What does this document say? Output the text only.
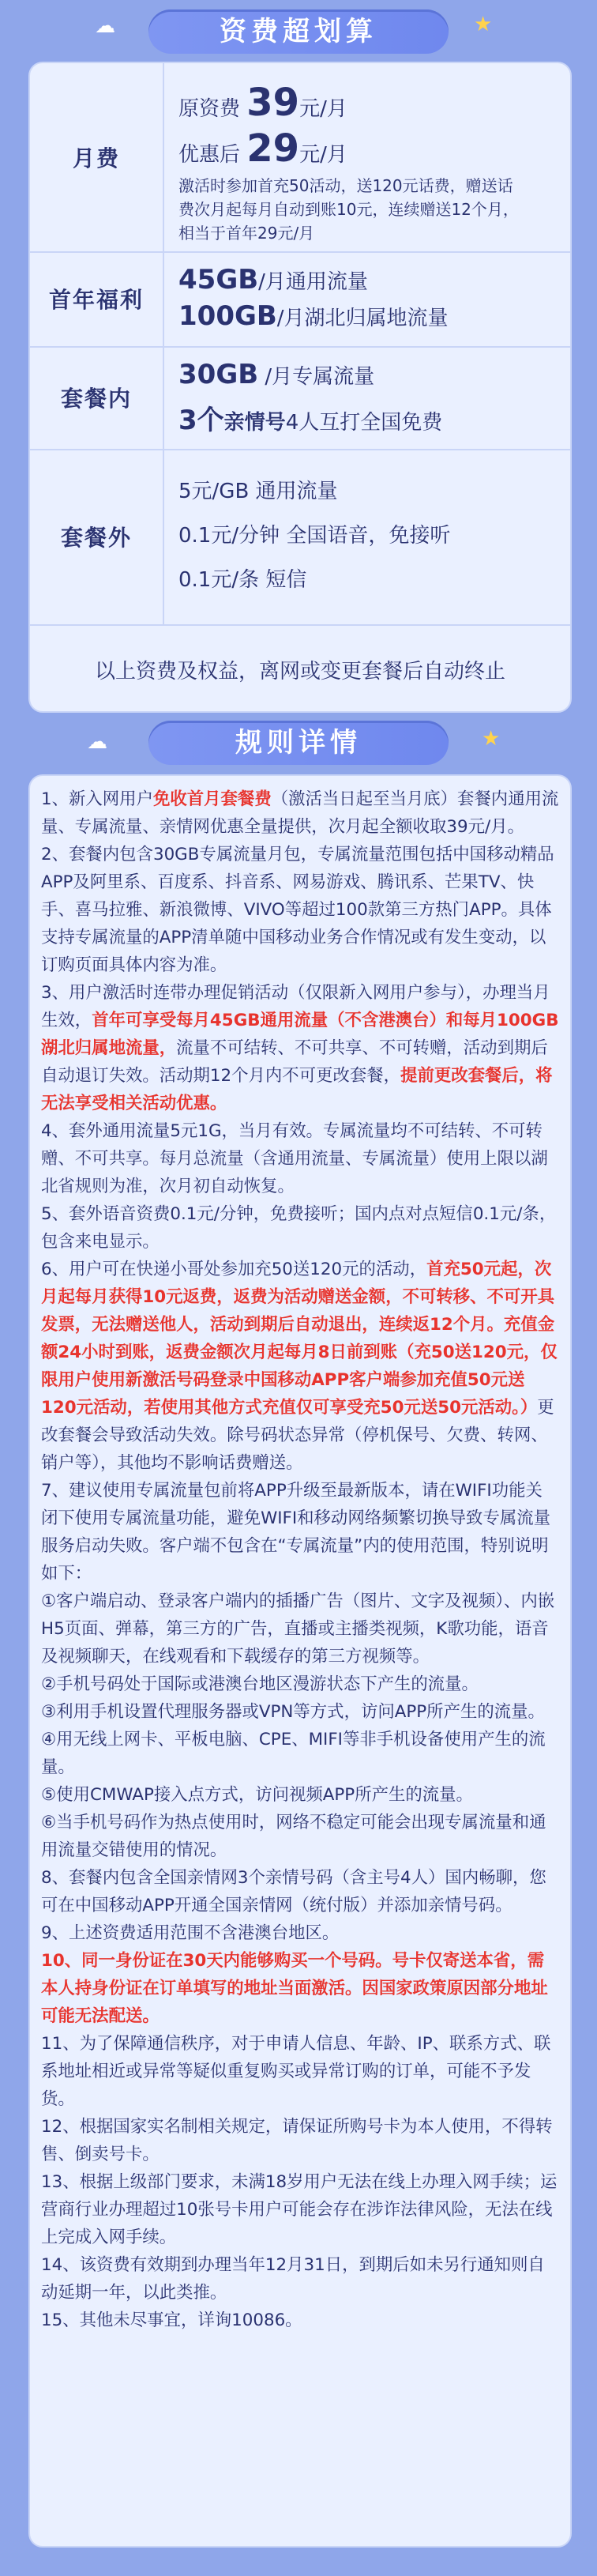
☁	★
资费超划算
月费
原资费 39元/月
优惠后 29元/月
激活时参加首充50活动，送120元话费，赠送话
费次月起每月自动到账10元，连续赠送12个月，
相当于首年29元/月
首年福利
45GB/月通用流量
100GB/月湖北归属地流量
套餐内
30GB /月专属流量
3个亲情号4人互打全国免费
套餐外
5元/GB 通用流量
0.1元/分钟 全国语音，免接听
0.1元/条 短信
以上资费及权益，离网或变更套餐后自动终止
☁	★
规则详情

1、新入网用户免收首月套餐费（激活当日起至当月底）套餐内通用流量、专属流量、亲情网优惠全量提供，次月起全额收取39元/月。

2、套餐内包含30GB专属流量月包，专属流量范围包括中国移动精品APP及阿里系、百度系、抖音系、网易游戏、腾讯系、芒果TV、快手、喜马拉雅、新浪微博、VIVO等超过100款第三方热门APP。具体支持专属流量的APP清单随中国移动业务合作情况或有发生变动，以订购页面具体内容为准。

3、用户激活时连带办理促销活动（仅限新入网用户参与），办理当月生效，首年可享受每月45GB通用流量（不含港澳台）和每月100GB湖北归属地流量，流量不可结转、不可共享、不可转赠，活动到期后自动退订失效。活动期12个月内不可更改套餐，提前更改套餐后，将无法享受相关活动优惠。

4、套外通用流量5元1G，当月有效。专属流量均不可结转、不可转赠、不可共享。每月总流量（含通用流量、专属流量）使用上限以湖北省规则为准，次月初自动恢复。

5、套外语音资费0.1元/分钟，免费接听；国内点对点短信0.1元/条，包含来电显示。

6、用户可在快递小哥处参加充50送120元的活动，首充50元起，次月起每月获得10元返费，返费为活动赠送金额，不可转移、不可开具发票，无法赠送他人，活动到期后自动退出，连续返12个月。充值金额24小时到账，返费金额次月起每月8日前到账（充50送120元，仅限用户使用新激活号码登录中国移动APP客户端参加充值50元送120元活动，若使用其他方式充值仅可享受充50元送50元活动。）更改套餐会导致活动失效。除号码状态异常（停机保号、欠费、转网、销户等），其他均不影响话费赠送。

7、建议使用专属流量包前将APP升级至最新版本，请在WIFI功能关闭下使用专属流量功能，避免WIFI和移动网络频繁切换导致专属流量服务启动失败。客户端不包含在“专属流量”内的使用范围，特别说明如下：

①客户端启动、登录客户端内的插播广告（图片、文字及视频）、内嵌H5页面、弹幕，第三方的广告，直播或主播类视频，K歌功能，语音及视频聊天，在线观看和下载缓存的第三方视频等。

②手机号码处于国际或港澳台地区漫游状态下产生的流量。

③利用手机设置代理服务器或VPN等方式，访问APP所产生的流量。

④用无线上网卡、平板电脑、CPE、MIFI等非手机设备使用产生的流量。

⑤使用CMWAP接入点方式，访问视频APP所产生的流量。

⑥当手机号码作为热点使用时，网络不稳定可能会出现专属流量和通用流量交错使用的情况。

8、套餐内包含全国亲情网3个亲情号码（含主号4人）国内畅聊，您可在中国移动APP开通全国亲情网（统付版）并添加亲情号码。

9、上述资费适用范围不含港澳台地区。

10、同一身份证在30天内能够购买一个号码。号卡仅寄送本省，需本人持身份证在订单填写的地址当面激活。因国家政策原因部分地址可能无法配送。

11、为了保障通信秩序，对于申请人信息、年龄、IP、联系方式、联系地址相近或异常等疑似重复购买或异常订购的订单，可能不予发货。

12、根据国家实名制相关规定，请保证所购号卡为本人使用，不得转售、倒卖号卡。

13、根据上级部门要求，未满18岁用户无法在线上办理入网手续；运营商行业办理超过10张号卡用户可能会存在涉诈法律风险，无法在线上完成入网手续。

14、该资费有效期到办理当年12月31日，到期后如未另行通知则自动延期一年，以此类推。

15、其他未尽事宜，详询10086。
